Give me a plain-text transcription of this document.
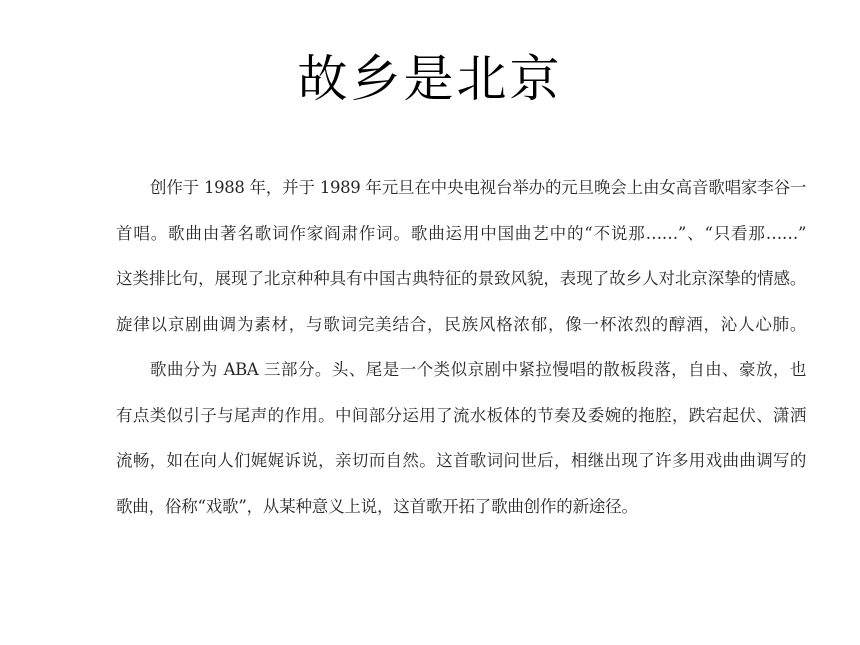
故乡是北京
创作于 1988 年，并于 1989 年元旦在中央电视台举办的元旦晚会上由女高音歌唱家李谷一
首唱。歌曲由著名歌词作家阎肃作词。歌曲运用中国曲艺中的“不说那……”、“只看那……”
这类排比句，展现了北京种种具有中国古典特征的景致风貌，表现了故乡人对北京深挚的情感。
旋律以京剧曲调为素材，与歌词完美结合，民族风格浓郁，像一杯浓烈的醇酒，沁人心肺。
歌曲分为 ABA 三部分。头、尾是一个类似京剧中紧拉慢唱的散板段落，自由、豪放，也
有点类似引子与尾声的作用。中间部分运用了流水板体的节奏及委婉的拖腔，跌宕起伏、潇洒
流畅，如在向人们娓娓诉说，亲切而自然。这首歌词问世后，相继出现了许多用戏曲曲调写的
歌曲，俗称“戏歌”，从某种意义上说，这首歌开拓了歌曲创作的新途径。
